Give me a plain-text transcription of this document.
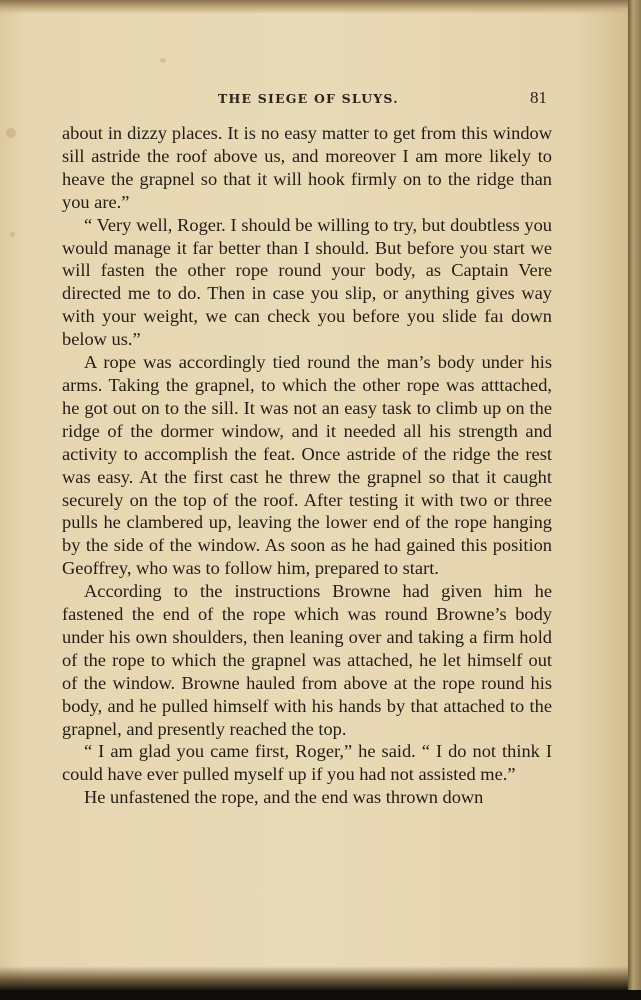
THE SIEGE OF SLUYS.	81

about in dizzy places. It is no easy matter to get from this window sill astride the roof above us, and moreover I am more likely to heave the grapnel so that it will hook firmly on to the ridge than you are.”

“ Very well, Roger. I should be willing to try, but doubtless you would manage it far better than I should. But before you start we will fasten the other rope round your body, as Captain Vere directed me to do. Then in case you slip, or anything gives way with your weight, we can check you before you slide faı down below us.”

A rope was accordingly tied round the man’s body under his arms. Taking the grapnel, to which the other rope was atttached, he got out on to the sill. It was not an easy task to climb up on the ridge of the dormer window, and it needed all his strength and activity to accomplish the feat. Once astride of the ridge the rest was easy. At the first cast he threw the grapnel so that it caught securely on the top of the roof. After testing it with two or three pulls he clambered up, leaving the lower end of the rope hanging by the side of the window. As soon as he had gained this position Geoffrey, who was to follow him, prepared to start.

According to the instructions Browne had given him he fastened the end of the rope which was round Browne’s body under his own shoulders, then leaning over and taking a firm hold of the rope to which the grapnel was attached, he let himself out of the window. Browne hauled from above at the rope round his body, and he pulled himself with his hands by that attached to the grapnel, and presently reached the top.

“ I am glad you came first, Roger,” he said. “ I do not think I could have ever pulled myself up if you had not assisted me.”

He unfastened the rope, and the end was thrown down
